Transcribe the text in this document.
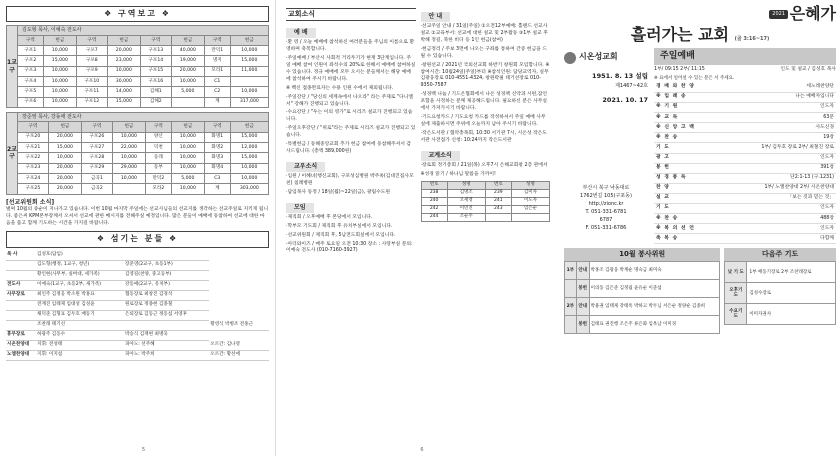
❖ 구역보고 ❖
1교구
김도형 목사, 이예숙 전도사
구역	헌금	구역	헌금	구역	헌금	구역	헌금
구포1	10,000	구포7	20,000	구포13	40,000	만덕1	10,000
구포2	15,000	구포8	23,000	구포14	19,000	명지	15,000
구포3	10,000	구포9	10,000	구포15	20,000	모라1	11,000
구포4	10,000	구포10	30,000	구포16	10,000	C1	
구포5	10,000	구포11	14,000	김해1	5,000	C2	10,000
구포6	10,000	구포12	15,000	김해2		계	317,000
2교구
장준영 목사, 강동애 전도사
구역	헌금	구역	헌금	구역	헌금	구역	헌금
구포20	20,000	구포26	10,000	양산	10,000	화명1	15,000
구포21	15,000	구포27	22,000	덕천	10,000	화명2	12,000
구포22	10,000	구포28	10,000	동래	10,000	화명3	15,000
구포23	20,000	구포29	29,000	동부	10,000	화명4	10,000
구포24	20,000	금곡1	10,000	만덕2	5,000	C3	10,000
구포25	20,000	금곡2		모라2	10,000	계	303,000
[선교위원회 소식]

벌써 10월의 중순이 지나가고 있습니다. 이번 10월 마지막 주일에는 선교사님들의 선교지를 생각하는 선교주일로 지키게 됩니다. 좋은씨 KPM본부장께서 오셔서 선교에 관한 메시지를 전해주실 예정입니다. 많은 분들이 예배에 동참하여 선교에 대한 마음을 품고 함께 기도하는 시간을 가지길 바랍니다.

❖ 섬기는 분들 ❖
목 사	김성호(담임)		
	김도형(행정, 1교구, 청년)	장준영(2교구, 초등1부)	
	황인현(사무부, 실버대, 세가족)	김영길(찬양, 중고등부)	
전도사	이예숙(1교구, 초등2부, 새가족)	강동애(2교구, 유치부)	
사무장로	최인주 김정웅 박소원 박홍표	협동장로 최창진 김경석	
	전재진 임태제 임대성 김성윤	원로장로 정종현 김종철	
	채덕준 김형표 김두호 배동기	은퇴장로 김동근 정동섭 서영후	
	조찬래 태기선		황영식 박병조 전홍근
휴무장로	허광주 김동수	박승식 김재현 최병욱	
시온찬양대	지휘: 전성태	피아노: 선주혜	오르간: 김나영
노엘찬양대	지휘: 이지섭	피아노: 박주희	오르간: 황선애
5
교회소식
예 배
·환 영 / 오늘 예배에 참석하신 여러분들을 주님의 이름으로 환영하며 축복합니다.
·주일예배 / 부산시 사회적 거리두기가 현재 3단계입니다. 주일 예배 참여 인원이 좌석수의 20%로 한해서 예배에 참여하실 수 있습니다. 정규 예배에 모두 오시는 분들께서는 해당 예배에 참석하여 주시기 바랍니다.
※ 백신 접종완료자는 수용 인원 수에서 제외됩니다.
·주일강단 / "당신의 세계속에서 나오라" 라는 주제로 "다니엘서" 강해가 진행되고 있습니다.
·수요강단 / "우는 이의 영가"로 시리즈 설교가 진행되고 있습니다.
·주일오후강단 / "위로"라는 주제로 시리즈 설교가 진행되고 있습니다.
·특별헌금 / 동해중앙교회 추가 헌금 참여에 동참해주셔서 감사드립니다. (총액 389,000원)
교우소식
·입원 / 이혜녀(행신교회), 구포성심병원 박주옥(김대진집사모친) 침례병원
·담임목사 동정 / 18일(월)~22일(금), 광림수도원
모임
·제직회 / 오후예배 후 본당에서 모입니다.
·학부모 기도회 / 제직회 후 유치부실에서 모입니다.
·선교위원회 / 제직회 후, 5남전도회실에서 모입니다.
·아더와이즈 / 매주 토요일 오전 10:30 장소 : 사랑부실 문의: 이예숙 전도사 (010-7160-3927)
안 내
·선교주일 안내 / 31일(주일) ①오전12부예배: 홀랜드 선교사 설교 ②교육부서: 선교에 대한 설교 및 2부활동 ③1부 설교 후 박해 정길, 북한 비디 등 1인 헌금(참여)
·헌금정리 / 주보 3면에 나오는 구좌를 통하여 간증 헌금을 드릴 수 있습니다.
·창원선교 / 2021년 국외선교회 하반기 창원회 모임합니다. ※참여시간: 10월24일(주일)부터 ※참석인원: 담당교역자, 실무 김광웅장로 010-4551-4324, 창원곽필 태기선장로 010-9350-7587
·성경백 나눔 / 기드온협회에서 나온 성경책 신약과 시편,잠언 포함을 사정하는 분께 제공해드립니다. 필요하신 분은 사무실에서 가져가시기 바랍니다.
·기도요청카드 / 기도요청 카드를 작성하셔서 주일 예배 사무실에 제출하시면 주위에 오늘까지 남아 주시기 바랍니다.
·작은도서관 / 협약총목회, 10:30 서기관 7시, 시온성 작은도서관 사전접가 신청: 10:24까지 작은도서관
교계소식
·장로회 정기총회 / 21일(목) 오후7시 은해교회창 2층 관에서
※성경 읽기 / 하나님 말씀을 가까이!
번호	성명	번호	성명
238	김명조	239	김미자
240	오세영	241	이도자
242	이민진	243	임은순
244	조순주		
6
2021 은혜가
흘러가는 교회 (골 3:16~17)
시온성교회
1951. 8. 13 설립
제1467~42호
2021. 10. 17
부산시 북구 낙동대로
1762번길 105(구포동)
http://zionc.kr
T. 051-331-6781
6787
F. 051-331-6786
주일예배
1부/ 09:15 2부/ 11:15	인도 및 설교 / 김성호 목사
※ 표에서 일어설 수 있는 분은 서 주세요.
경 배 와 찬 양	세노레찬양단
※ 입 례 송	나는 예배자입니다
※ 기 원	인도자
※ 교 독	63문
※ 신 앙 고 백	사도신경
※ 찬 송	19장
기 도	1부/ 김두호 장로 2부/ 최철진 장로
광 고	인도자
봉 헌	391장
성 경 봉 독	단2:1-13 (구.1231)
찬 양	1부/ 노엘찬양대 2부/ 시온찬양대
설 교	「보는 것과 믿는 것」
기 도	인도자
※ 찬 송	488장
※ 복 의 선 언	인도자
축 복 송	다함께
10월 봉사위원
1부	안내	박홍조 김광웅 박계순 명숙금 최미숙
	봉헌	이의동 김은준 김정림 윤유순 이준섭
2부	안내	박용권 임태제 강태옥 박하고 박두님 서은순 정양순 김종희
	봉헌	김태표 권진행 조은주 류은화 임옥남 이미경
다음주 기도
낮 기 도	1부 배동기장로 2부 조찬래장로
오후기도	김성수장로
수요기도	이미자권사
